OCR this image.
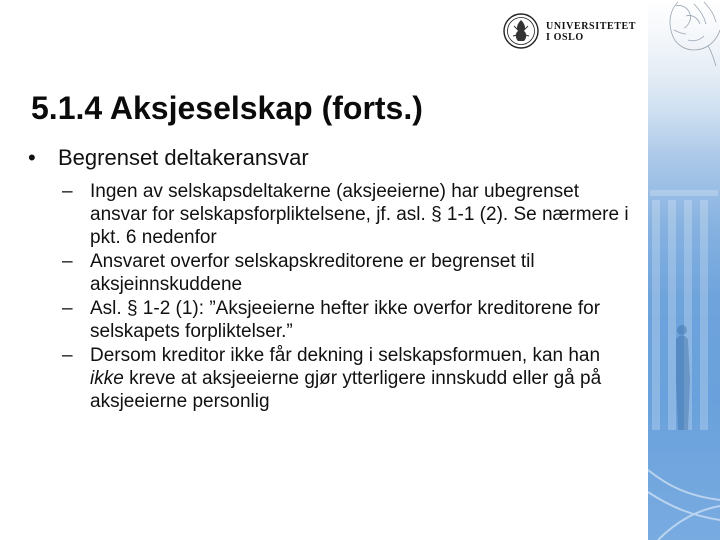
UNIVERSITETET
I OSLO
5.1.4 Aksjeselskap (forts.)
• Begrenset deltakeransvar
– Ingen av selskapsdeltakerne (aksjeeierne) har ubegrenset ansvar for selskapsforpliktelsene, jf. asl. § 1-1 (2). Se nærmere i pkt. 6 nedenfor
– Ansvaret overfor selskapskreditorene er begrenset til aksjeinnskuddene
– Asl. § 1-2 (1): ”Aksjeeierne hefter ikke overfor kreditorene for selskapets forpliktelser.”
– Dersom kreditor ikke får dekning i selskapsformuen, kan han ikke kreve at aksjeeierne gjør ytterligere innskudd eller gå på aksjeeierne personlig
